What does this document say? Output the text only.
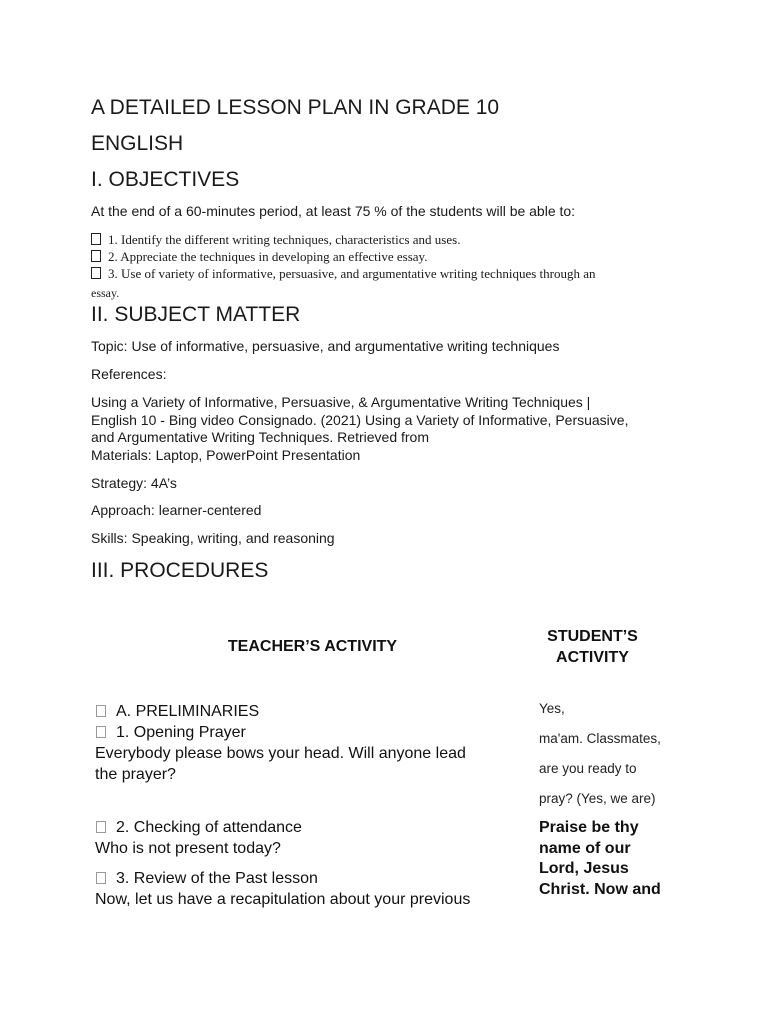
A DETAILED LESSON PLAN IN GRADE 10
ENGLISH
I. OBJECTIVES
At the end of a 60-minutes period, at least 75 % of the students will be able to:
1. Identify the different writing techniques, characteristics and uses.
2. Appreciate the techniques in developing an effective essay.
3. Use of variety of informative, persuasive, and argumentative writing techniques through an
essay.
II. SUBJECT MATTER
Topic: Use of informative, persuasive, and argumentative writing techniques
References:
Using a Variety of Informative, Persuasive, & Argumentative Writing Techniques |
English 10 - Bing video Consignado. (2021) Using a Variety of Informative, Persuasive,
and Argumentative Writing Techniques. Retrieved from
Materials: Laptop, PowerPoint Presentation
Strategy: 4A’s
Approach: learner-centered
Skills: Speaking, writing, and reasoning
III. PROCEDURES
TEACHER’S ACTIVITY
STUDENT’S
ACTIVITY
A. PRELIMINARIES
1. Opening Prayer
Everybody please bows your head. Will anyone lead
the prayer?
2. Checking of attendance
Who is not present today?
3. Review of the Past lesson
Now, let us have a recapitulation about your previous
Yes,
ma'am. Classmates,
are you ready to
pray? (Yes, we are)
Praise be thy
name of our
Lord, Jesus
Christ. Now and
